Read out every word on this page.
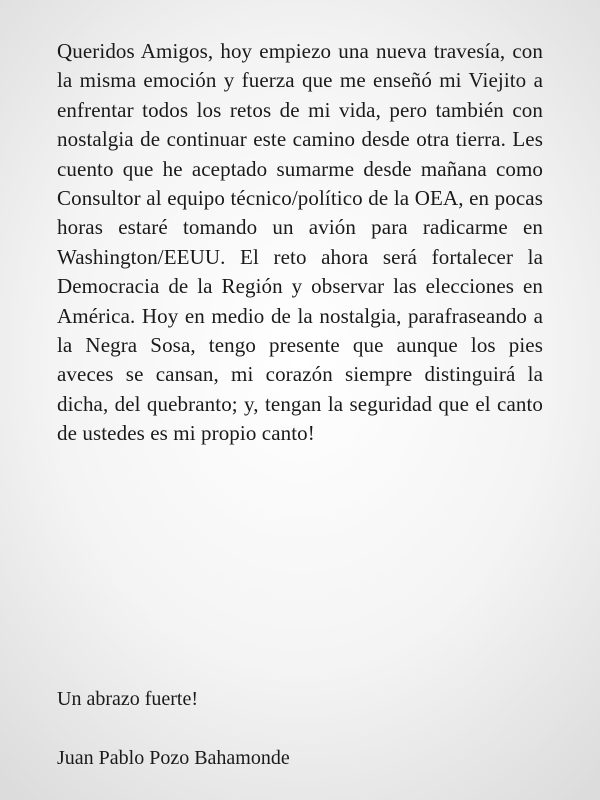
Queridos Amigos, hoy empiezo una nueva travesía, con la misma emoción y fuerza que me enseñó mi Viejito a enfrentar todos los retos de mi vida, pero también con nostalgia de continuar este camino desde otra tierra. Les cuento que he aceptado sumarme desde mañana como Consultor al equipo técnico/político de la OEA, en pocas horas estaré tomando un avión para radicarme en Washington/EEUU. El reto ahora será fortalecer la Democracia de la Región y observar las elecciones en América. Hoy en medio de la nostalgia, parafraseando a la Negra Sosa, tengo presente que aunque los pies aveces se cansan, mi corazón siempre distinguirá la dicha, del quebranto; y, tengan la seguridad que el canto de ustedes es mi propio canto!

Un abrazo fuerte!

Juan Pablo Pozo Bahamonde
